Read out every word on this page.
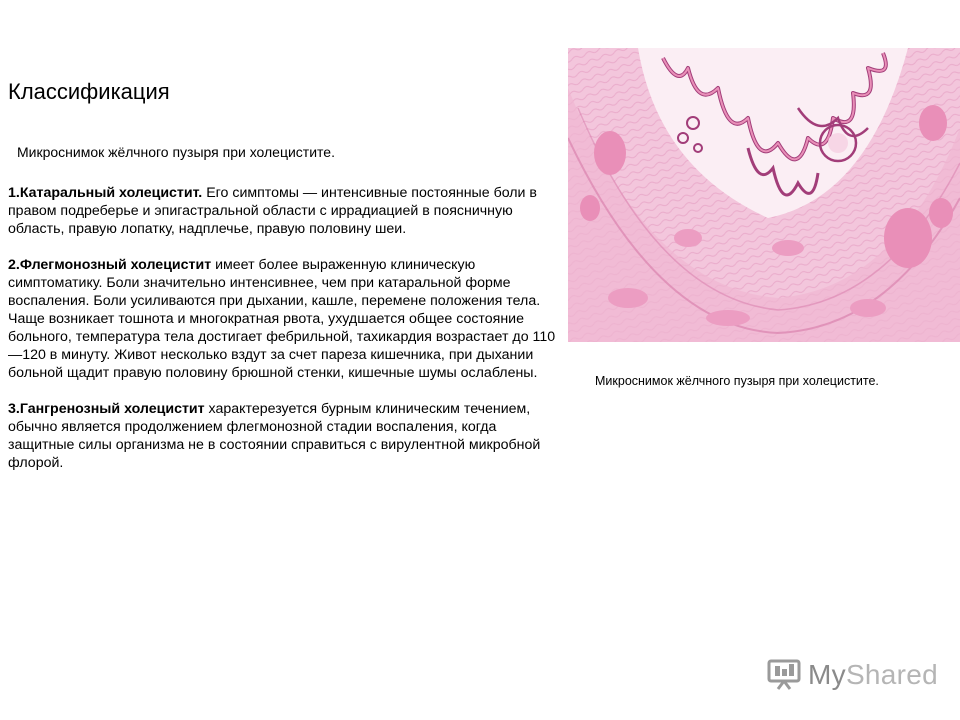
Классификация
Микроснимок жёлчного пузыря при холецистите.

1.Катаральный холецистит. Его симптомы — интенсивные постоянные боли в правом подреберье и эпигастральной области с иррадиацией в поясничную область, правую лопатку, надплечье, правую половину шеи.

2.Флегмонозный холецистит имеет более выраженную клиническую симптоматику. Боли значительно интенсивнее, чем при катаральной форме воспаления. Боли усиливаются при дыхании, кашле, перемене положения тела. Чаще возникает тошнота и многократная рвота, ухудшается общее состояние больного, температура тела достигает фебрильной, тахикардия возрастает до 110—120 в минуту. Живот несколько вздут за счет пареза кишечника, при дыхании больной щадит правую половину брюшной стенки, кишечные шумы ослаблены.

3.Гангренозный холецистит характерезуется бурным клиническим течением, обычно является продолжением флегмонозной стадии воспаления, когда защитные силы организма не в состоянии справиться с вирулентной микробной флорой.

Микроснимок жёлчного пузыря при холецистите.
MyShared
